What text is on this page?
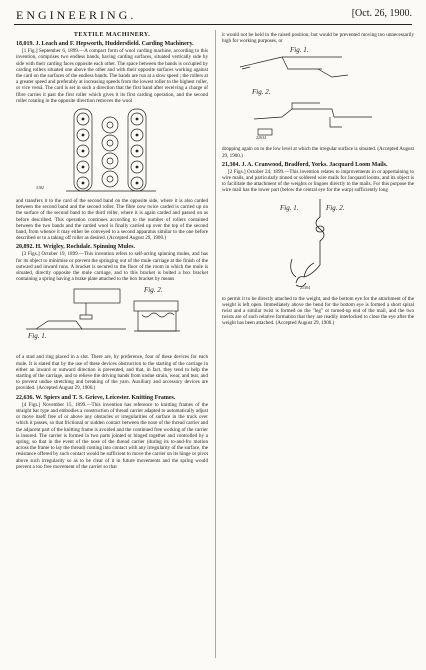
ENGINEERING.	[Oct. 26, 1900.
TEXTILE MACHINERY.
18,019. J. Leach and F. Hepworth, Huddersfield. Carding Machinery.

[1 Fig.] September 6, 1899.—A compact form of wool carding machine, according to this invention, comprises two endless bands, having carding surfaces, situated vertically side by side with their carding faces opposite each other. The space between the bands is occupied by carding rollers situated one above the other and with their opposite surfaces working against the card on the surfaces of the endless bands. The bands are run at a slow speed ; the rollers at a greater speed and preferably at increasing speeds from the lowest roller to the highest roller, or vice versâ. The card is set in such a direction that the first band after receiving a charge of fibre carries it past the first roller which gives it its first carding operation, and the second roller rotating in the opposite direction removes the wool

3182

and transfers it to the card of the second band on the opposite side, where it is also carded between the second band and the second roller. The fibre now twice carded is carried up on the surface of the second band to the third roller, where it is again carded and passed on as before described. This operation continues according to the number of rollers contained between the two bands and the carded wool is finally carried up over the top of the second band, from whence it may either be conveyed to a second apparatus similar to the one before described or to a taking off roller as desired. (Accepted August 29, 1900.)

20,892. H. Wrigley, Rochdale. Spinning Mules.

[3 Figs.] October 19, 1899.—This invention refers to self-acting spinning mules, and has for its object to minimise or prevent the springing out of the mule carriage at the finish of the outward and inward runs. A bracket is secured to the floor of the room in which the mule is situated, directly opposite the mule carriage, and to this bracket is bolted a box bracket containing a spring having a brake plate attached to the box bracket by means

Fig. 1.
Fig. 2.

of a stud and ring placed in a slot. There are, by preference, four of these devices for each mule. It is stated that by the use of these devices obstruction to the starting of the carriage in either an inward or outward direction is prevented, and that, in fact, they tend to help the starting of the carriage, and to relieve the driving bands from undue strain, wear, and tear, and to prevent undue stretching and breaking of the yarn. Auxiliary and accessory devices are provided. (Accepted August 29, 1900.)

22,636. W. Spiers and T. S. Grieve, Leicester. Knitting Frames.

[4 Figs.] November 15, 1899.—This invention has reference to knitting frames of the straight bar type and embodies a construction of thread carrier adapted to automatically adjust or move itself free of or above any obstacles or irregularities of surface in the track over which it passes, so that frictional or sudden contact between the nose of the thread carrier and the adjacent part of the knitting frame is avoided and the continued free working of the carrier is insured. The carrier is formed in two parts jointed or hinged together and controlled by a spring, so that in the event of the nose of the thread carrier (during its to-and-fro motion across the frame to lay the thread) coming into contact with any irregularity of the surface, the resistance offered by such contact would be sufficient to move the carrier on its hinge or pivot above such irregularity so as to be clear of it in future movements and the spring would prevent a too free movement of the carrier so that

it would not be held in the raised position, but would be prevented moving too unnecessarily high for working purposes, or

Fig. 1.
Fig. 2.
22634

dropping again on to the low level at which the irregular surface is situated. (Accepted August 29, 1900.)

21,304. J. A. Cranwood, Bradford, Yorks. Jacquard Loom Mails.

[2 Figs.] October 24, 1899.—This invention relates to improvements in or appertaining to wire mails, and particularly tinned or soldered wire mails for Jacquard looms, and its object is to facilitate the attachment of the weights or lingoes directly to the mails. For this purpose the wire mail has the lower part (below the central eye for the warp) sufficiently long

Fig. 1.	Fig. 2.
21304

to permit it to be directly attached to the weight, and the bottom eye for the attachment of the weight is left open. Immediately above the bend for the bottom eye is formed a short spiral twist and a similar twist is formed on the "leg" or turned-up end of the mail, and the two twists are of such relative formation that they are readily interlocked to close the eye after the weight has been attached. (Accepted August 29, 1900.)
